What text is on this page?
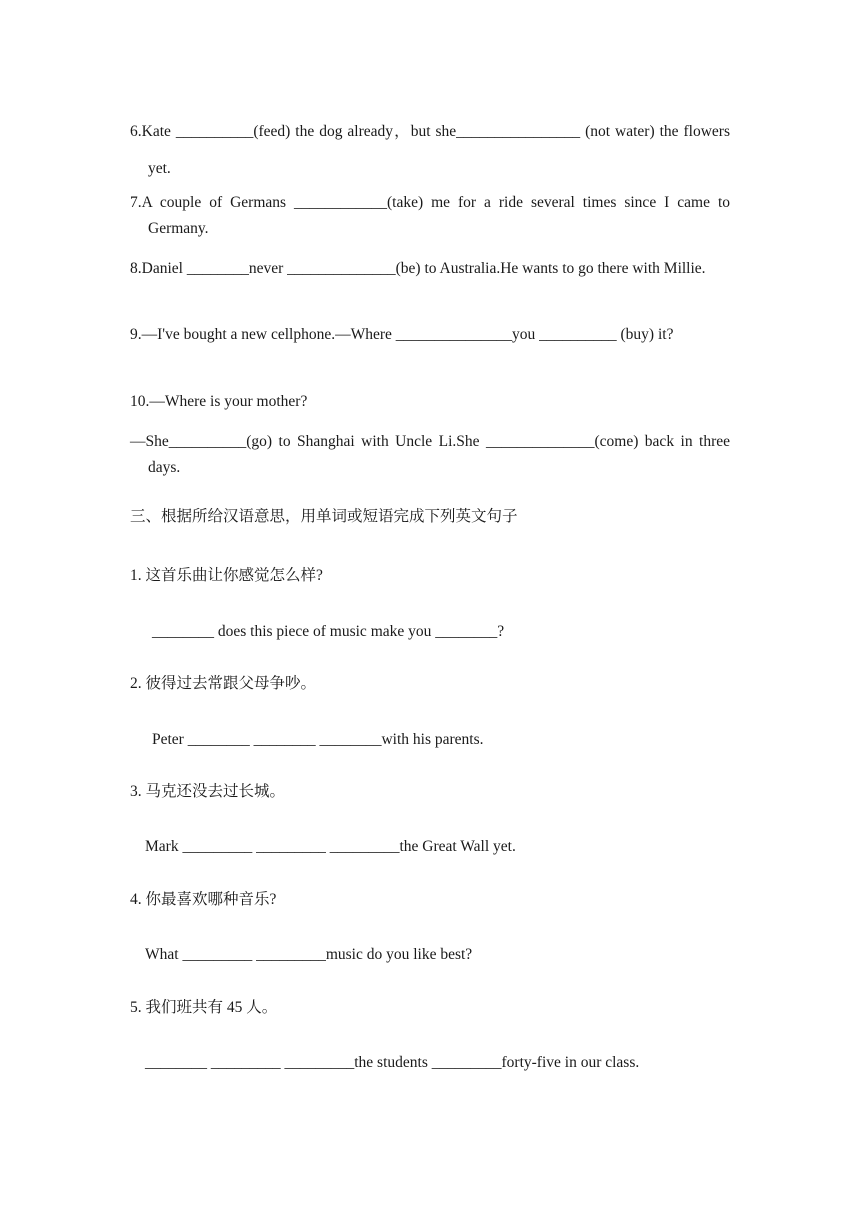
6.Kate __________(feed) the dog already，but she________________ (not water) the flowers yet.
7.A couple of Germans ____________(take) me for a ride several times since I came to Germany.
8.Daniel ________never ______________(be) to Australia.He wants to go there with Millie.
9.—I've bought a new cellphone.—Where _______________you __________ (buy) it?
10.—Where is your mother?
—She__________(go) to Shanghai with Uncle Li.She ______________(come) back in three days.
三、根据所给汉语意思，用单词或短语完成下列英文句子
1. 这首乐曲让你感觉怎么样?
________ does this piece of music make you ________?
2. 彼得过去常跟父母争吵。
Peter ________ ________ ________with his parents.
3. 马克还没去过长城。
Mark _________ _________ _________the Great Wall yet.
4. 你最喜欢哪种音乐?
What _________ _________music do you like best?
5. 我们班共有 45 人。
________ _________ _________the students _________forty-five in our class.
